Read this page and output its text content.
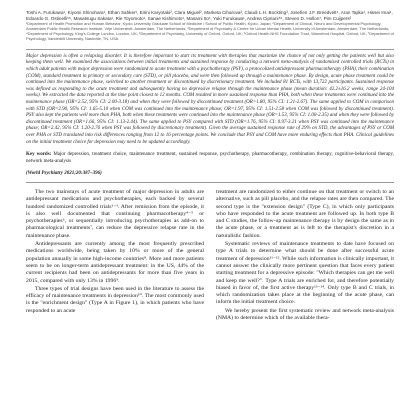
Toshi A. Furukawa¹, Kiyomi Shinohara¹, Ethan Sahker¹, Eirini Karyotaki², Clara Miguel², Marketa Ciharova², Claudi L.H. Bockting³, Josefien J.F. Breedvelt⁴, Aran Tajika¹, Hissei Imai¹, Edoardo G. Ostinelli⁵⁶, Masatsugu Sakata¹, Rie Toyomoto¹, Sanae Kishimoto¹, Masami Ito¹, Yuki Furukawa¹, Andrea Cipriani⁵⁶, Steven D. Hollon⁷, Pim Cuijpers²

¹Department of Health Promotion and Human Behavior, Kyoto University Graduate School of Medicine / School of Public Health, Kyoto, Japan; ²Department of Clinical, Neuro and Developmental Psychology, Amsterdam Public Health Research Institute, Vrije Universiteit, Amsterdam, The Netherlands; ³Department of Psychiatry & Centre for Urban Mental Health, University of Amsterdam, Amsterdam, The Netherlands; ⁴Department of Psychology, King's College London, London, UK; ⁵Department of Psychiatry, University of Oxford, Oxford, UK; ⁶Oxford Health NHS Foundation Trust, Warneford Hospital, Oxford, UK; ⁷Department of Psychology, Vanderbilt University, Nashville, TN, USA

Major depression is often a relapsing disorder. It is therefore important to start its treatment with therapies that maximize the chance of not only getting the patients well but also keeping them well. We examined the associations between initial treatments and sustained response by conducting a network meta-analysis of randomized controlled trials (RCTs) in which adult patients with major depression were randomized to acute treatment with a psychotherapy (PSY), a protocolized antidepressant pharmacotherapy (PHA), their combination (COM), standard treatment in primary or secondary care (STD), or pill placebo, and were then followed up through a maintenance phase. By design, acute phase treatment could be continued into the maintenance phase, switched to another treatment or discontinued by discretionary treatment. We included 81 RCTs, with 13,722 participants. Sustained response was defined as responding to the acute treatment and subsequently having no depressive relapse through the maintenance phase (mean duration: 42.2±16.2 weeks, range 24-104 weeks). We extracted the data reported at the time point closest to 12 months. COM resulted in more sustained response than PHA, both when these treatments were continued into the maintenance phase (OR=2.52, 95% CI: 2.00-3.18) and when they were followed by discontinued treatment (OR=1.80, 95% CI: 1.21-2.67). The same applied to COM in comparison with STD (OR=2.90, 95% CI: 1.65-5.10 when COM was continued into the maintenance phase; OR=1.97, 95% CI: 1.51-2.58 when COM was followed by discontinued treatment). PSY also kept the patients well more than PHA, both when these treatments were continued into the maintenance phase (OR=1.53, 95% CI: 1.00-2.35) and when they were followed by discontinued treatment (OR=1.66, 95% CI: 1.13-2.44). The same applied to PSY compared with STD (OR=1.76, 95% CI: 0.97-3.21 when PSY was continued into the maintenance phase; OR=2.42, 95% CI: 1.20-2.76 when PSY was followed by discretionary treatment). Given the average sustained response rate of 29% on STD, the advantages of PSY or COM over PHA or STD translated into risk differences ranging from 12 to 16 percentage points. We conclude that PSY and COM have more enduring effects than PHA. Clinical guidelines on the initial treatment choice for depression may need to be updated accordingly.

Key words: Major depression, treatment choice, maintenance treatment, sustained response, psychotherapy, pharmacotherapy, combination therapy, cognitive-behavioral therapy, network meta-analysis

(World Psychiatry 2021;20:387–396)

The two mainstays of acute treatment of major depression in adults are antidepressant medications and psychotherapies, each backed by several hundred randomized controlled trials¹⁻³. After remission from the episode, it is also well documented that continuing pharmacotherapy⁴⁻⁵ or psychotherapies⁶, or sequentially introducing psychotherapies as add-on to pharmacological treatments⁷, can reduce the depressive relapse rate in the maintenance phase.

Antidepressants are currently among the most frequently prescribed medications worldwide, being taken by 10% or more of the general population annually in some high-income countries⁸. More and more patients seem to be on longer-term antidepressant treatment: in the US, 44% of the current recipients had been on antidepressants for more than five years in 2015, compared with only 13% in 1996⁹.

Three types of trial designs have been used in the literature to assess the efficacy of maintenance treatments in depression¹⁰. The most commonly used is the "enrichment design" (Type A in Figure 1), in which patients who have responded to an acute

treatment are randomized to either continue on that treatment or switch to an alternative, such as pill placebo, and the relapse rates are then compared. The second type is the "extension design" (Type C), in which only participants who have responded to the acute treatment are followed up. In both type B and C studies, the follow-up maintenance therapy is by design the same as in the acute phase, or a treatment as is left to the therapist's discretion in a naturalistic fashion.

Systematic reviews of maintenance treatments to date have focused on type A trials to determine what should be done after successful acute treatment of depression¹¹⁻¹². While such information is clinically important, it cannot answer the clinically more pertinent question that faces every patient starting treatment for a depressive episode: "Which therapies can get me well and keep me well?". Type A trials are enriched for, and therefore potentially biased in favor of, the first active therapy¹³⁻¹⁴. Only type B and C trials, in which randomization takes place at the beginning of the acute phase, can inform the initial treatment choice.

We hereby present the first systematic review and network meta-analysis (NMA) to determine which of the available thera-
